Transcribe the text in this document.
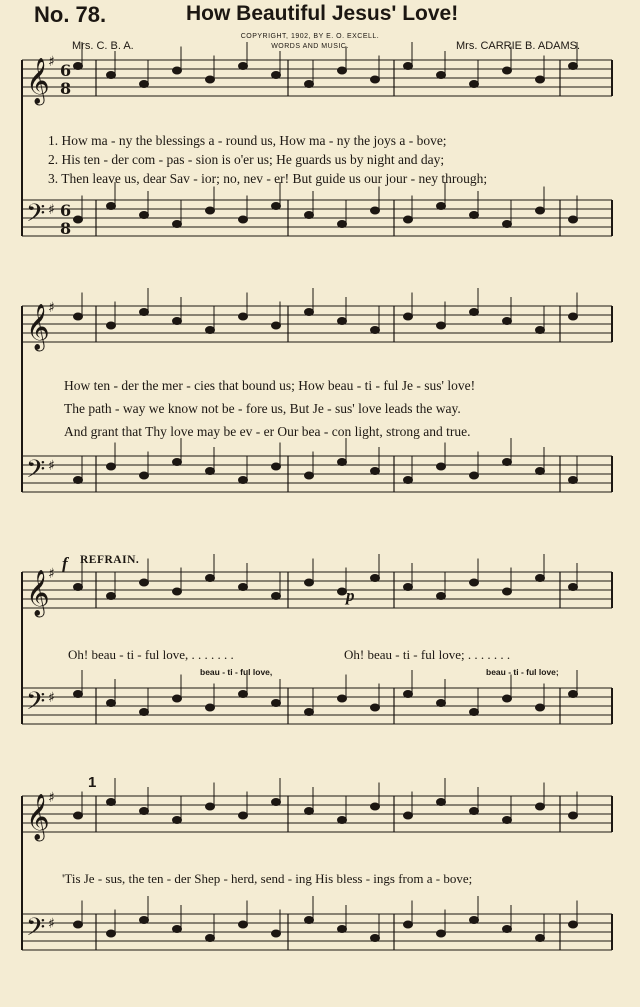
No. 78.	How Beautiful Jesus' Love!
COPYRIGHT, 1902, BY E. O. EXCELL.
WORDS AND MUSIC.
Mrs. C. B. A.	Mrs. CARRIE B. ADAMS.
𝄞
♯ 6
8
𝄢 ♯ 6
8
𝄞
♯
𝄢 ♯
𝄞
♯
𝄢 ♯
𝄞
♯
𝄢 ♯
1. How ma - ny the blessings a - round us, How ma - ny the joys a - bove;
2. His ten - der com - pas - sion is o'er us; He guards us by night and day;
3. Then leave us, dear Sav - ior; no, nev - er! But guide us our jour - ney through;
How ten - der the mer - cies that bound us; How beau - ti - ful Je - sus' love!
The path - way we know not be - fore us, But Je - sus' love leads the way.
And grant that Thy love may be ev - er Our bea - con light, strong and true.
f REFRAIN.
p
Oh! beau - ti - ful love, . . . . . . .	Oh! beau - ti - ful love; . . . . . . .
beau - ti - ful love,	beau - ti - ful love;
1
'Tis Je - sus, the ten - der Shep - herd, send - ing His bless - ings from a - bove;
